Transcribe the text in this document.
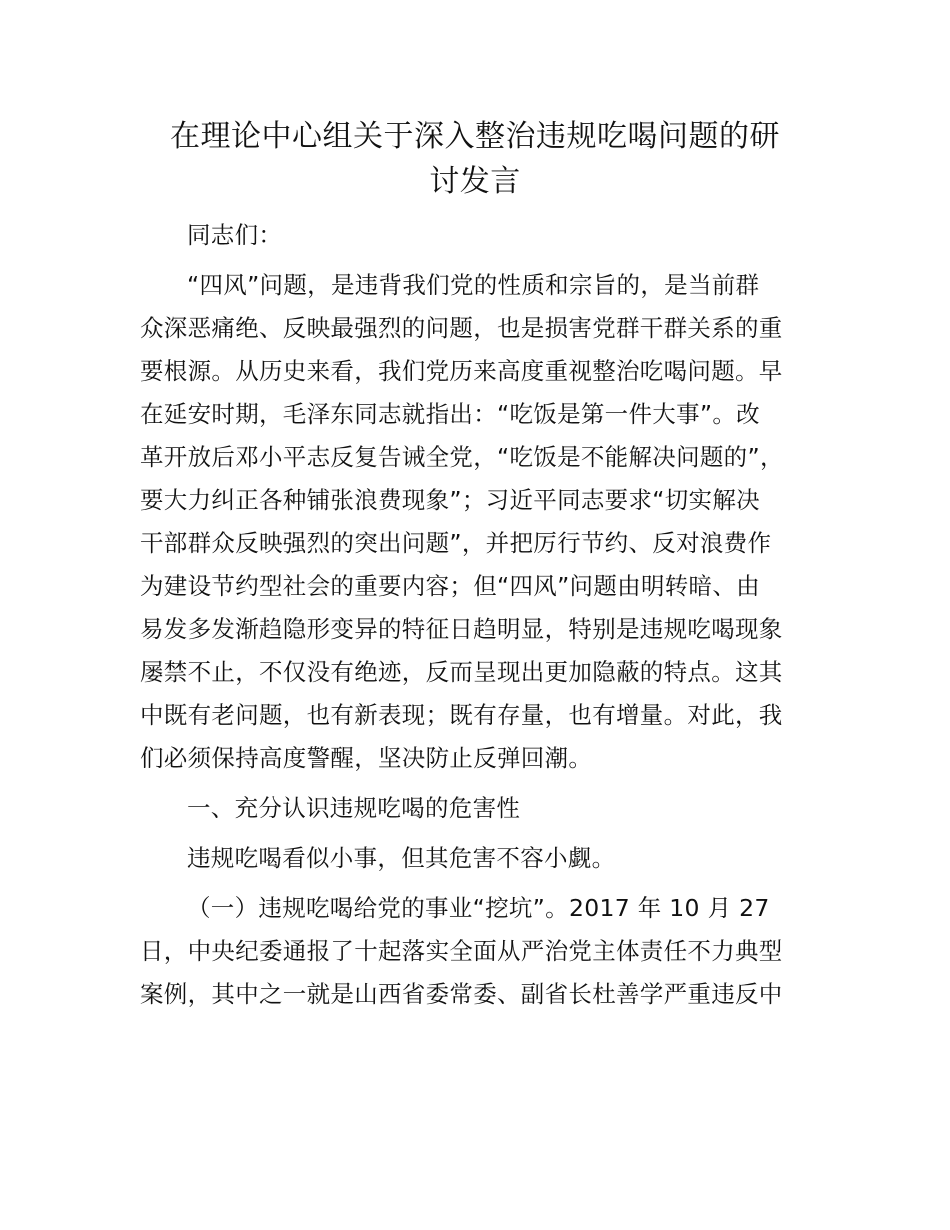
在理论中心组关于深入整治违规吃喝问题的研
讨发言

同志们：

“四风”问题，是违背我们党的性质和宗旨的，是当前群
众深恶痛绝、反映最强烈的问题，也是损害党群干群关系的重
要根源。从历史来看，我们党历来高度重视整治吃喝问题。早
在延安时期，毛泽东同志就指出：“吃饭是第一件大事”。改
革开放后邓小平志反复告诫全党，“吃饭是不能解决问题的”，
要大力纠正各种铺张浪费现象”；习近平同志要求“切实解决
干部群众反映强烈的突出问题”，并把厉行节约、反对浪费作
为建设节约型社会的重要内容；但“四风”问题由明转暗、由
易发多发渐趋隐形变异的特征日趋明显，特别是违规吃喝现象
屡禁不止，不仅没有绝迹，反而呈现出更加隐蔽的特点。这其
中既有老问题，也有新表现；既有存量，也有增量。对此，我
们必须保持高度警醒，坚决防止反弹回潮。

一、充分认识违规吃喝的危害性

违规吃喝看似小事，但其危害不容小觑。

（一）违规吃喝给党的事业“挖坑”。2017 年 10 月 27
日，中央纪委通报了十起落实全面从严治党主体责任不力典型
案例，其中之一就是山西省委常委、副省长杜善学严重违反中
